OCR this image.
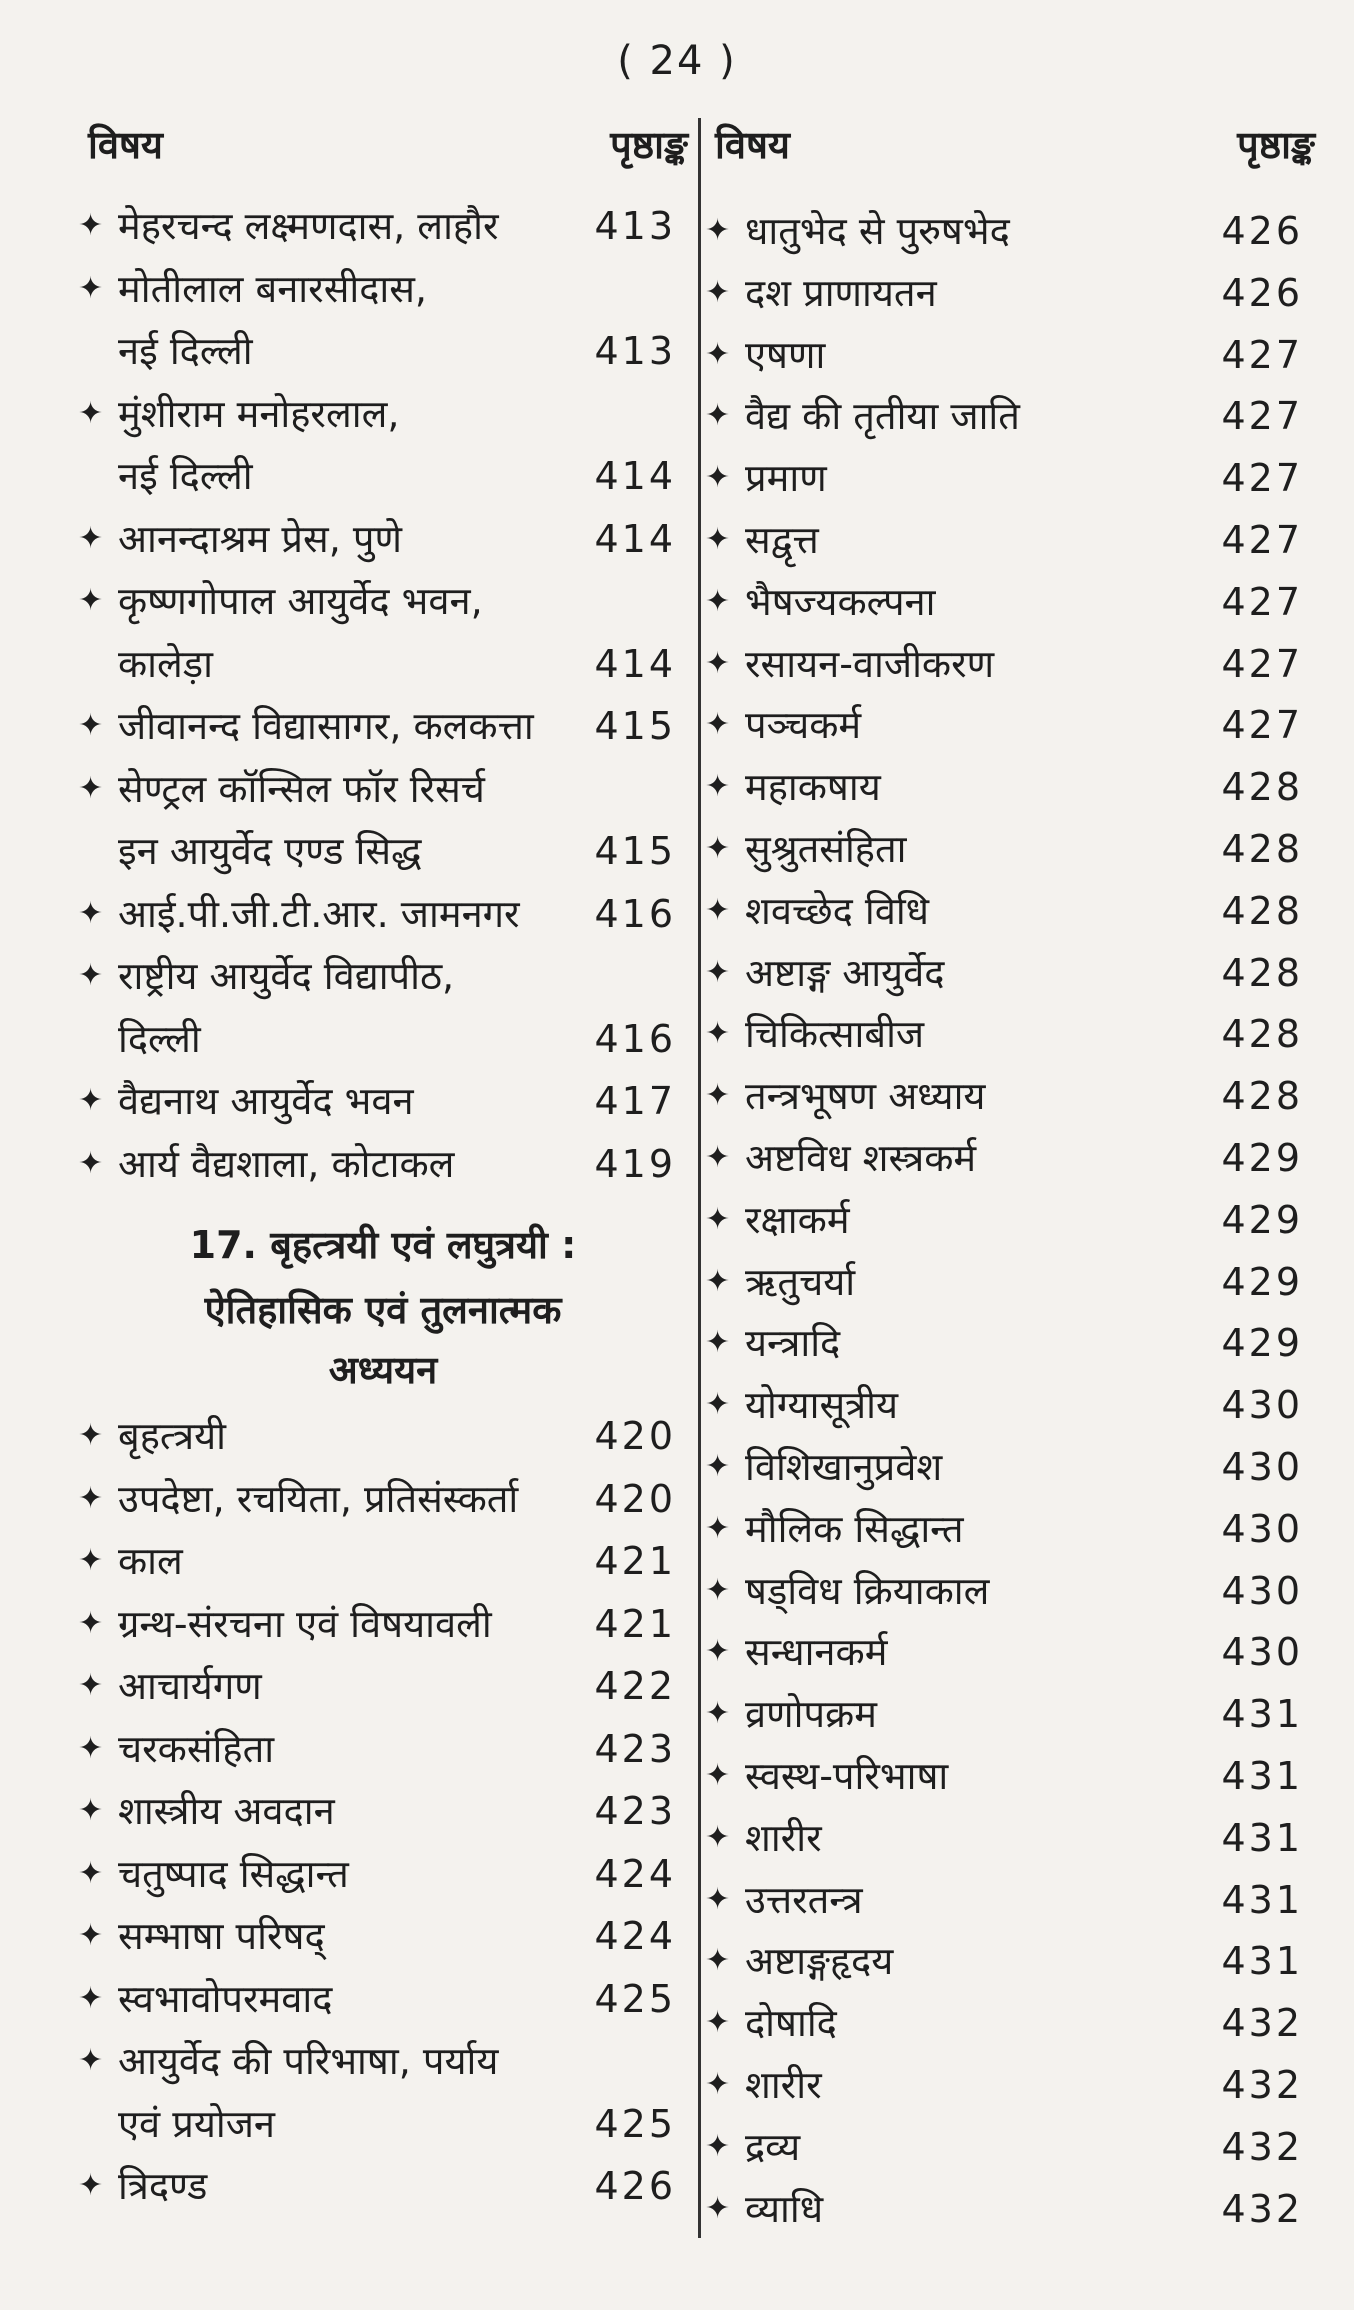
( 24 )
विषय	पृष्ठाङ्क
✦ मेहरचन्द लक्ष्मणदास, लाहौर	413
✦ मोतीलाल बनारसीदास,
नई दिल्ली	413
✦ मुंशीराम मनोहरलाल,
नई दिल्ली	414
✦ आनन्दाश्रम प्रेस, पुणे	414
✦ कृष्णगोपाल आयुर्वेद भवन,
कालेड़ा	414
✦ जीवानन्द विद्यासागर, कलकत्ता 415
✦ सेण्ट्रल कॉन्सिल फॉर रिसर्च
इन आयुर्वेद एण्ड सिद्ध	415
✦ आई.पी.जी.टी.आर. जामनगर 416
✦ राष्ट्रीय आयुर्वेद विद्यापीठ,
दिल्ली	416
✦ वैद्यनाथ आयुर्वेद भवन	417
✦ आर्य वैद्यशाला, कोटाकल	419
17. बृहत्त्रयी एवं लघुत्रयी :
ऐतिहासिक एवं तुलनात्मक
अध्ययन
✦ बृहत्त्रयी	420
✦ उपदेष्टा, रचयिता, प्रतिसंस्कर्ता 420
✦ काल	421
✦ ग्रन्थ-संरचना एवं विषयावली	421
✦ आचार्यगण	422
✦ चरकसंहिता	423
✦ शास्त्रीय अवदान	423
✦ चतुष्पाद सिद्धान्त	424
✦ सम्भाषा परिषद्	424
✦ स्वभावोपरमवाद	425
✦ आयुर्वेद की परिभाषा, पर्याय
एवं प्रयोजन	425
✦ त्रिदण्ड	426
विषय	पृष्ठाङ्क
✦ धातुभेद से पुरुषभेद	426
✦ दश प्राणायतन	426
✦ एषणा	427
✦ वैद्य की तृतीया जाति	427
✦ प्रमाण	427
✦ सद्वृत्त	427
✦ भैषज्यकल्पना	427
✦ रसायन-वाजीकरण	427
✦ पञ्चकर्म	427
✦ महाकषाय	428
✦ सुश्रुतसंहिता	428
✦ शवच्छेद विधि	428
✦ अष्टाङ्ग आयुर्वेद	428
✦ चिकित्साबीज	428
✦ तन्त्रभूषण अध्याय	428
✦ अष्टविध शस्त्रकर्म	429
✦ रक्षाकर्म	429
✦ ऋतुचर्या	429
✦ यन्त्रादि	429
✦ योग्यासूत्रीय	430
✦ विशिखानुप्रवेश	430
✦ मौलिक सिद्धान्त	430
✦ षड्विध क्रियाकाल	430
✦ सन्धानकर्म	430
✦ व्रणोपक्रम	431
✦ स्वस्थ-परिभाषा	431
✦ शारीर	431
✦ उत्तरतन्त्र	431
✦ अष्टाङ्गहृदय	431
✦ दोषादि	432
✦ शारीर	432
✦ द्रव्य	432
✦ व्याधि	432
